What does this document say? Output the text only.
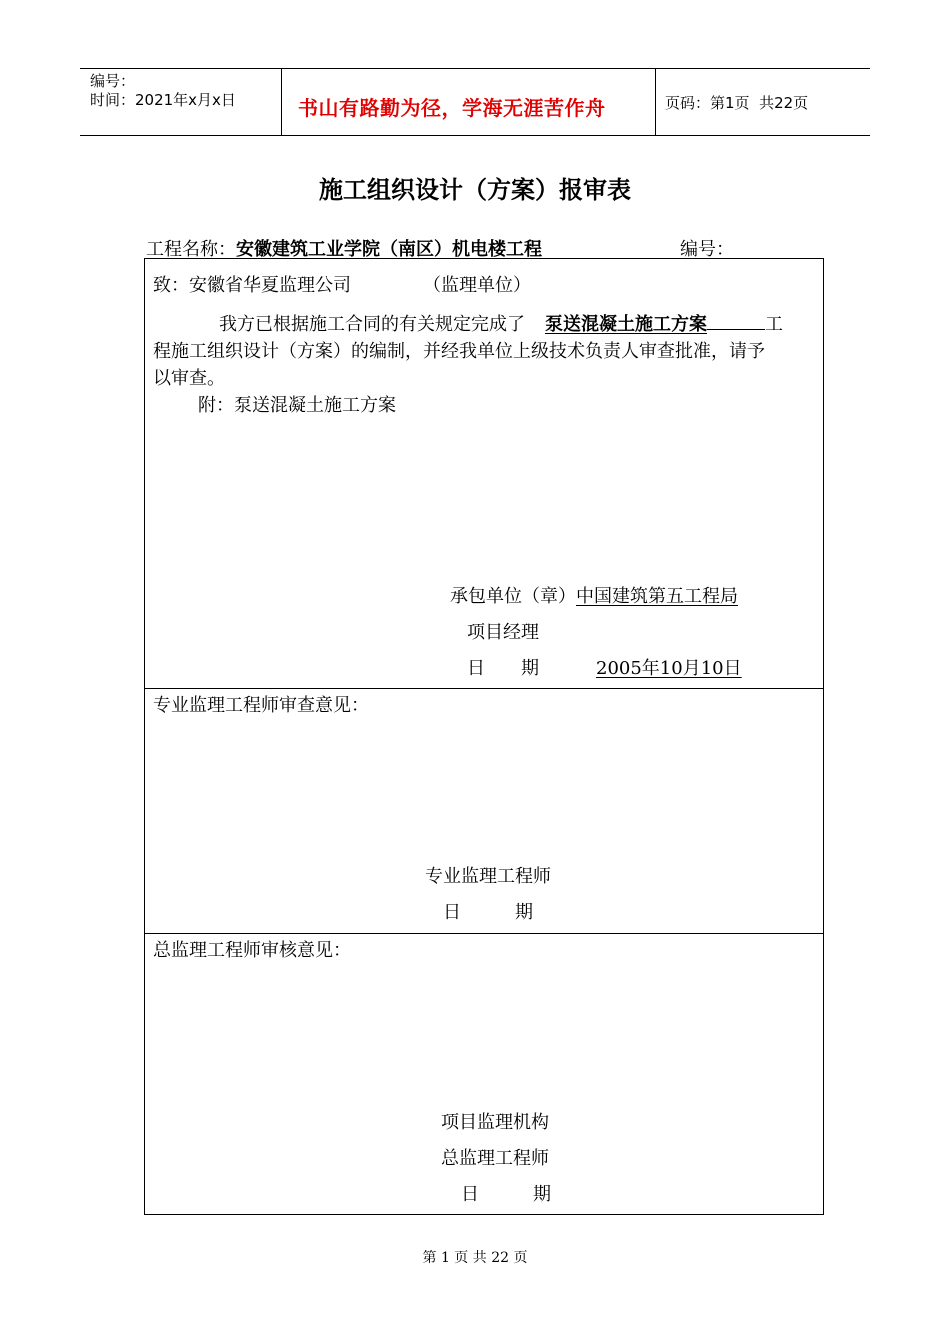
编号：
时间：2021年x月x日	书山有路勤为径，学海无涯苦作舟	页码：第1页  共22页
施工组织设计（方案）报审表
工程名称：安徽建筑工业学院（南区）机电楼工程	编号：
致：安徽省华夏监理公司	（监理单位）
我方已根据施工合同的有关规定完成了 泵送混凝土施工方案	工
程施工组织设计（方案）的编制，并经我单位上级技术负责人审查批准，请予
以审查。
附：泵送混凝土施工方案
承包单位（章）中国建筑第五工程局
项目经理
日　　期	2005年10月10日
专业监理工程师审查意见：
专业监理工程师
日　　　期
总监理工程师审核意见：
项目监理机构
总监理工程师
日　　　期
第 1 页 共 22 页
